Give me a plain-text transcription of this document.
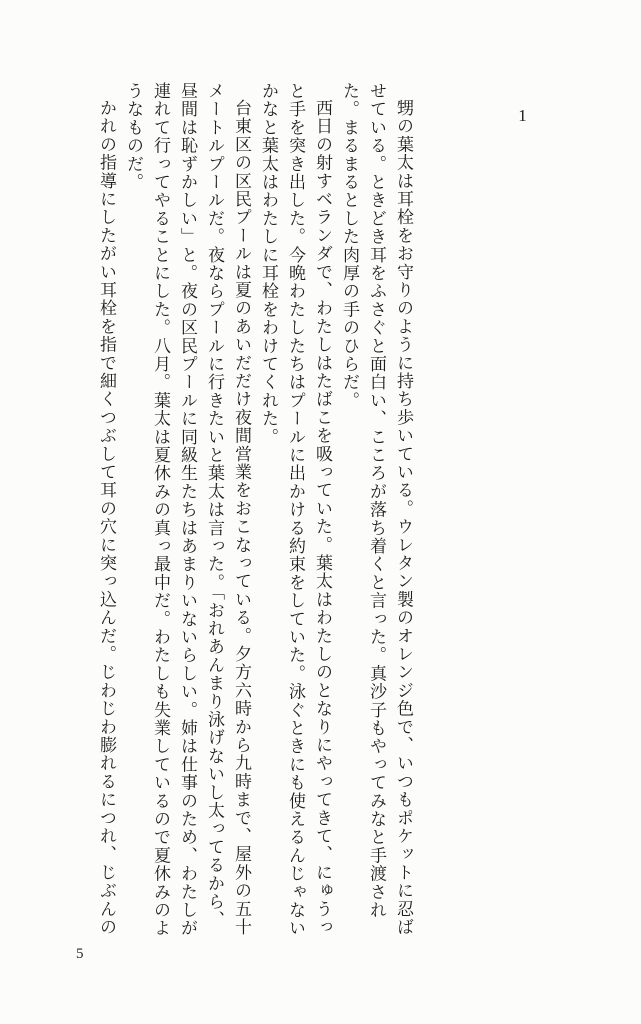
1

甥の葉太は耳栓をお守りのように持ち歩いている。ウレタン製のオレンジ色で、いつもポケットに忍ばせている。ときどき耳をふさぐと面白い、こころが落ち着くと言った。真沙子もやってみなと手渡された。まるまるとした肉厚の手のひらだ。

西日の射すベランダで、わたしはたばこを吸っていた。葉太はわたしのとなりにやってきて、にゅうっと手を突き出した。今晩わたしたちはプールに出かける約束をしていた。泳ぐときにも使えるんじゃないかなと葉太はわたしに耳栓をわけてくれた。

台東区の区民プールは夏のあいだだけ夜間営業をおこなっている。夕方六時から九時まで、屋外の五十メートルプールだ。夜ならプールに行きたいと葉太は言った。「おれあんまり泳げないし太ってるから、昼間は恥ずかしい」と。夜の区民プールに同級生たちはあまりいないらしい。姉は仕事のため、わたしが連れて行ってやることにした。八月。葉太は夏休みの真っ最中だ。わたしも失業しているので夏休みのようなものだ。

かれの指導にしたがい耳栓を指で細くつぶして耳の穴に突っ込んだ。じわじわ膨れるにつれ、じぶんの

5
